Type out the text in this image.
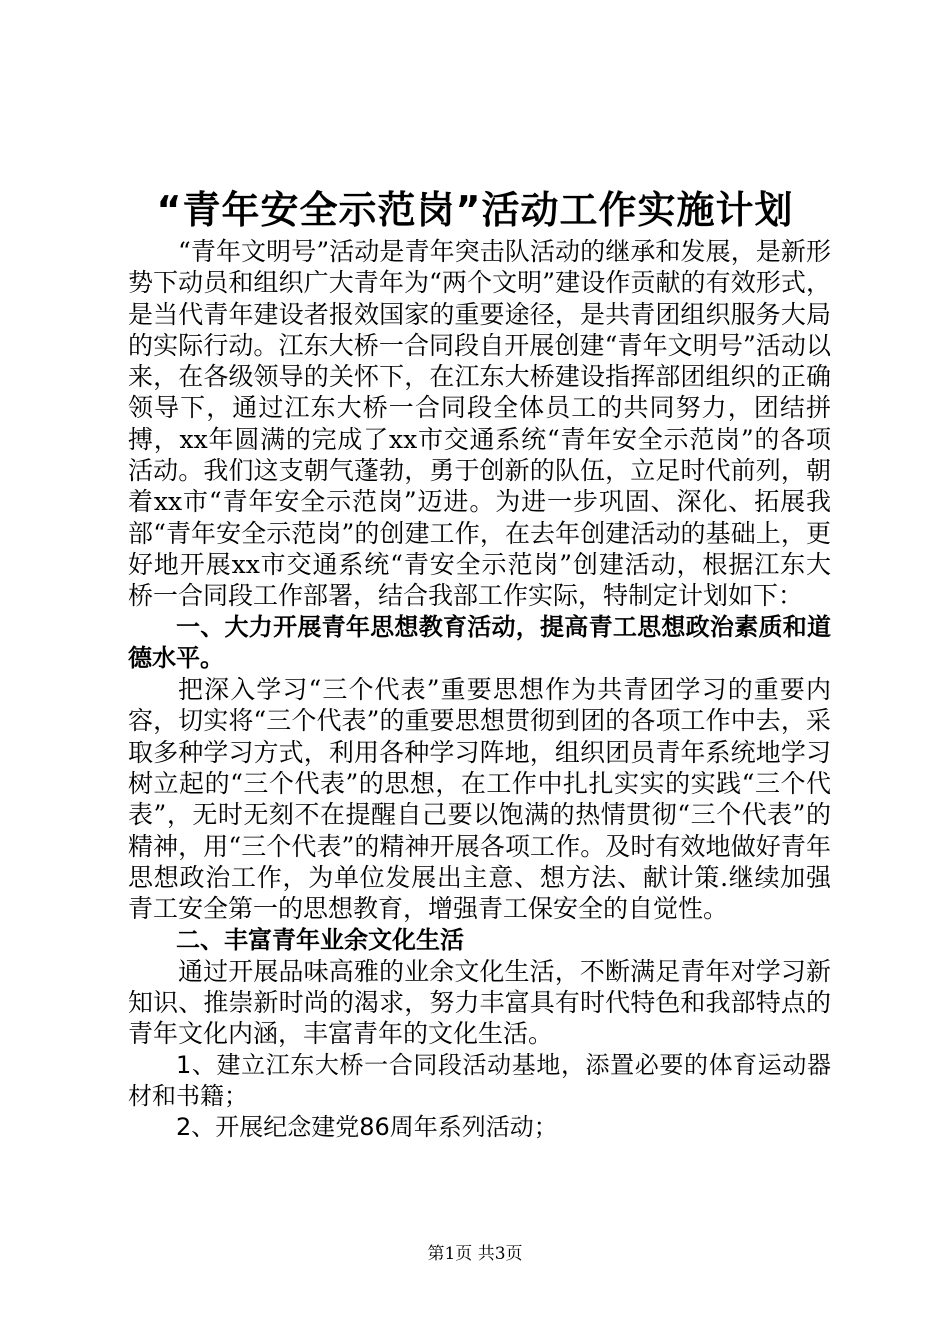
“青年安全示范岗”活动工作实施计划

“青年文明号”活动是青年突击队活动的继承和发展，是新形势下动员和组织广大青年为“两个文明”建设作贡献的有效形式，是当代青年建设者报效国家的重要途径，是共青团组织服务大局的实际行动。江东大桥一合同段自开展创建“青年文明号”活动以来，在各级领导的关怀下，在江东大桥建设指挥部团组织的正确领导下，通过江东大桥一合同段全体员工的共同努力，团结拼搏，xx年圆满的完成了xx市交通系统“青年安全示范岗”的各项活动。我们这支朝气蓬勃，勇于创新的队伍，立足时代前列，朝着xx市“青年安全示范岗”迈进。为进一步巩固、深化、拓展我部“青年安全示范岗”的创建工作，在去年创建活动的基础上，更好地开展xx市交通系统“青安全示范岗”创建活动，根据江东大桥一合同段工作部署，结合我部工作实际，特制定计划如下：

一、大力开展青年思想教育活动，提高青工思想政治素质和道德水平。

把深入学习“三个代表”重要思想作为共青团学习的重要内容，切实将“三个代表”的重要思想贯彻到团的各项工作中去，采取多种学习方式，利用各种学习阵地，组织团员青年系统地学习树立起的“三个代表”的思想，在工作中扎扎实实的实践“三个代表”，无时无刻不在提醒自己要以饱满的热情贯彻“三个代表”的精神，用“三个代表”的精神开展各项工作。及时有效地做好青年思想政治工作，为单位发展出主意、想方法、献计策.继续加强青工安全第一的思想教育，增强青工保安全的自觉性。

二、丰富青年业余文化生活

通过开展品味高雅的业余文化生活，不断满足青年对学习新知识、推崇新时尚的渴求，努力丰富具有时代特色和我部特点的青年文化内涵，丰富青年的文化生活。

1、建立江东大桥一合同段活动基地，添置必要的体育运动器材和书籍；

2、开展纪念建党86周年系列活动；

第1页 共3页
